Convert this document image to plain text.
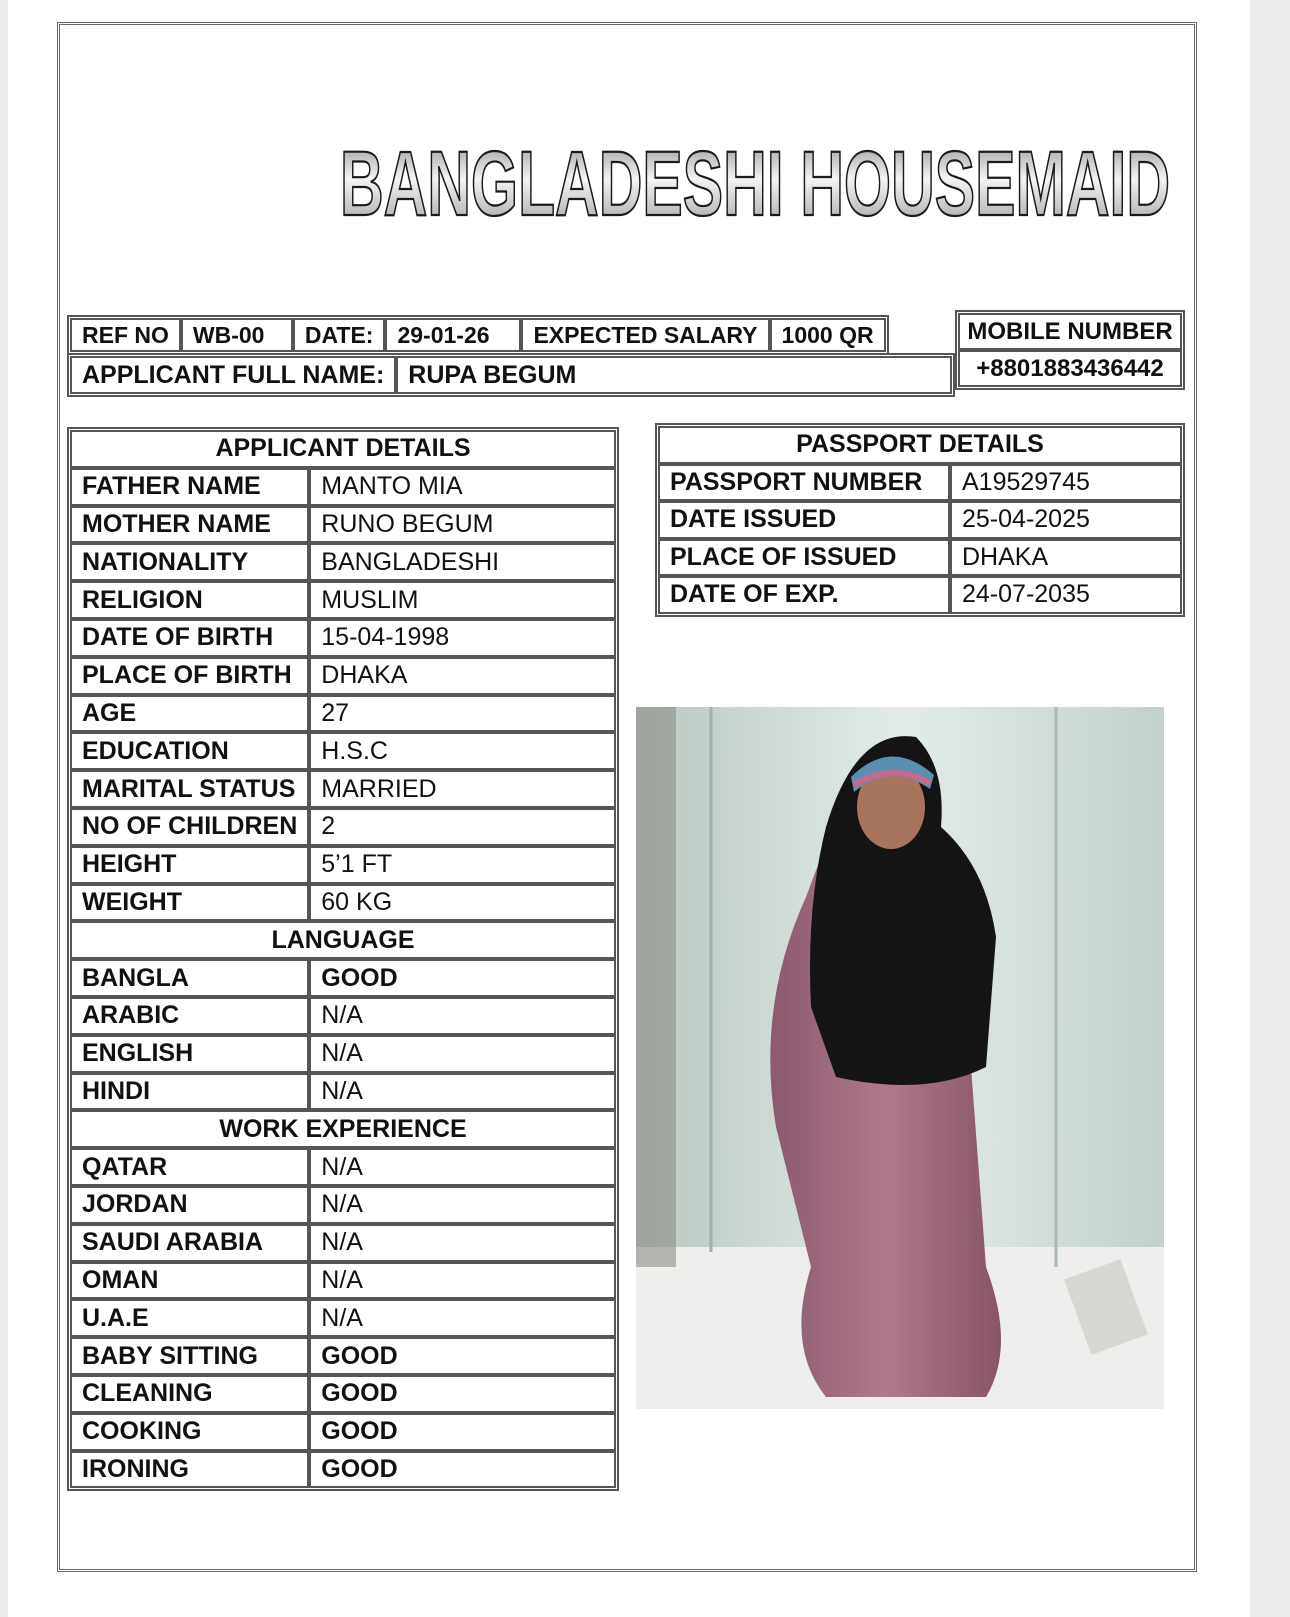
BANGLADESHI HOUSEMAID
REF NO	WB-00	DATE:	29-01-26	EXPECTED SALARY	1000 QR
APPLICANT FULL NAME:	RUPA BEGUM
MOBILE NUMBER
+8801883436442
APPLICANT DETAILS	
FATHER NAME	MANTO MIA
MOTHER NAME	RUNO BEGUM
NATIONALITY	BANGLADESHI
RELIGION	MUSLIM
DATE OF BIRTH	15-04-1998
PLACE OF BIRTH	DHAKA
AGE	27
EDUCATION	H.S.C
MARITAL STATUS	MARRIED
NO OF CHILDREN	2
HEIGHT	5’1 FT
WEIGHT	60 KG
LANGUAGE	
BANGLA	GOOD
ARABIC	N/A
ENGLISH	N/A
HINDI	N/A
WORK EXPERIENCE	
QATAR	N/A
JORDAN	N/A
SAUDI ARABIA	N/A
OMAN	N/A
U.A.E	N/A
BABY SITTING	GOOD
CLEANING	GOOD
COOKING	GOOD
IRONING	GOOD
PASSPORT DETAILS	
PASSPORT NUMBER	A19529745
DATE ISSUED	25-04-2025
PLACE OF ISSUED	DHAKA
DATE OF EXP.	24-07-2035
